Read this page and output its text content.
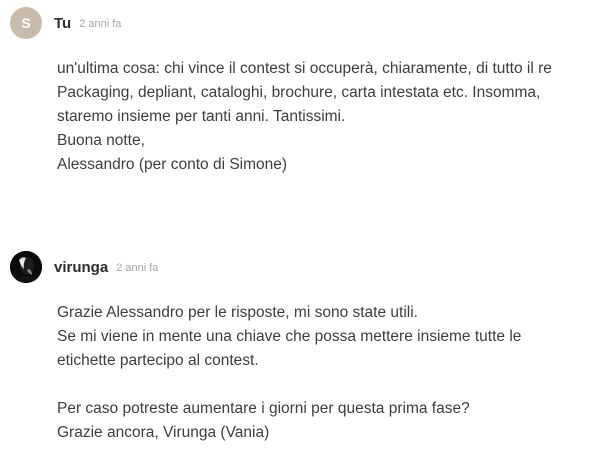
S	Tu 2 anni fa
un'ultima cosa: chi vince il contest si occuperà, chiaramente, di tutto il re
Packaging, depliant, cataloghi, brochure, carta intestata etc. Insomma,
staremo insieme per tanti anni. Tantissimi.
Buona notte,
Alessandro (per conto di Simone)
virunga 2 anni fa
Grazie Alessandro per le risposte, mi sono state utili.
Se mi viene in mente una chiave che possa mettere insieme tutte le
etichette partecipo al contest.
Per caso potreste aumentare i giorni per questa prima fase?
Grazie ancora, Virunga (Vania)
